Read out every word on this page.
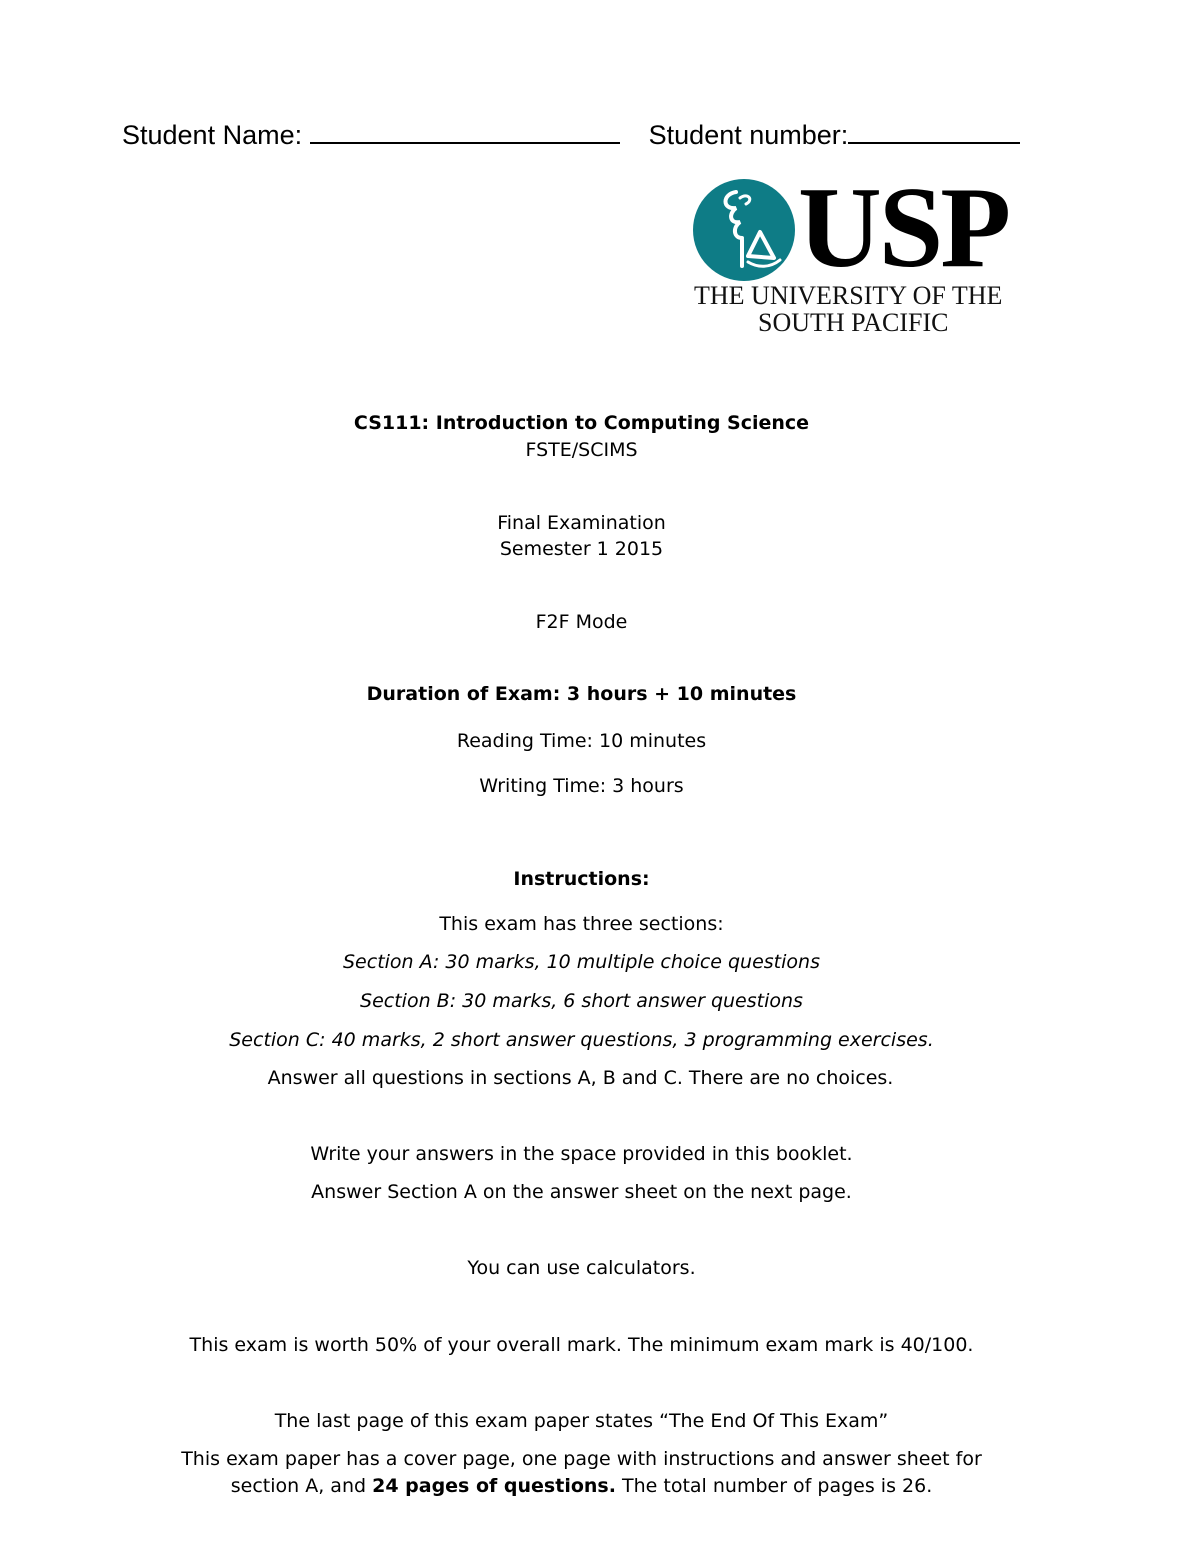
Student Name:	Student number:
USP
THE UNIVERSITY OF THE
SOUTH PACIFIC
CS111: Introduction to Computing Science
FSTE/SCIMS
Final Examination
Semester 1 2015
F2F Mode
Duration of Exam: 3 hours + 10 minutes
Reading Time: 10 minutes
Writing Time: 3 hours
Instructions:
This exam has three sections:
Section A: 30 marks, 10 multiple choice questions
Section B: 30 marks, 6 short answer questions
Section C: 40 marks, 2 short answer questions, 3 programming exercises.
Answer all questions in sections A, B and C. There are no choices.
Write your answers in the space provided in this booklet.
Answer Section A on the answer sheet on the next page.
You can use calculators.
This exam is worth 50% of your overall mark. The minimum exam mark is 40/100.
The last page of this exam paper states “The End Of This Exam”
This exam paper has a cover page, one page with instructions and answer sheet for
section A, and 24 pages of questions. The total number of pages is 26.
